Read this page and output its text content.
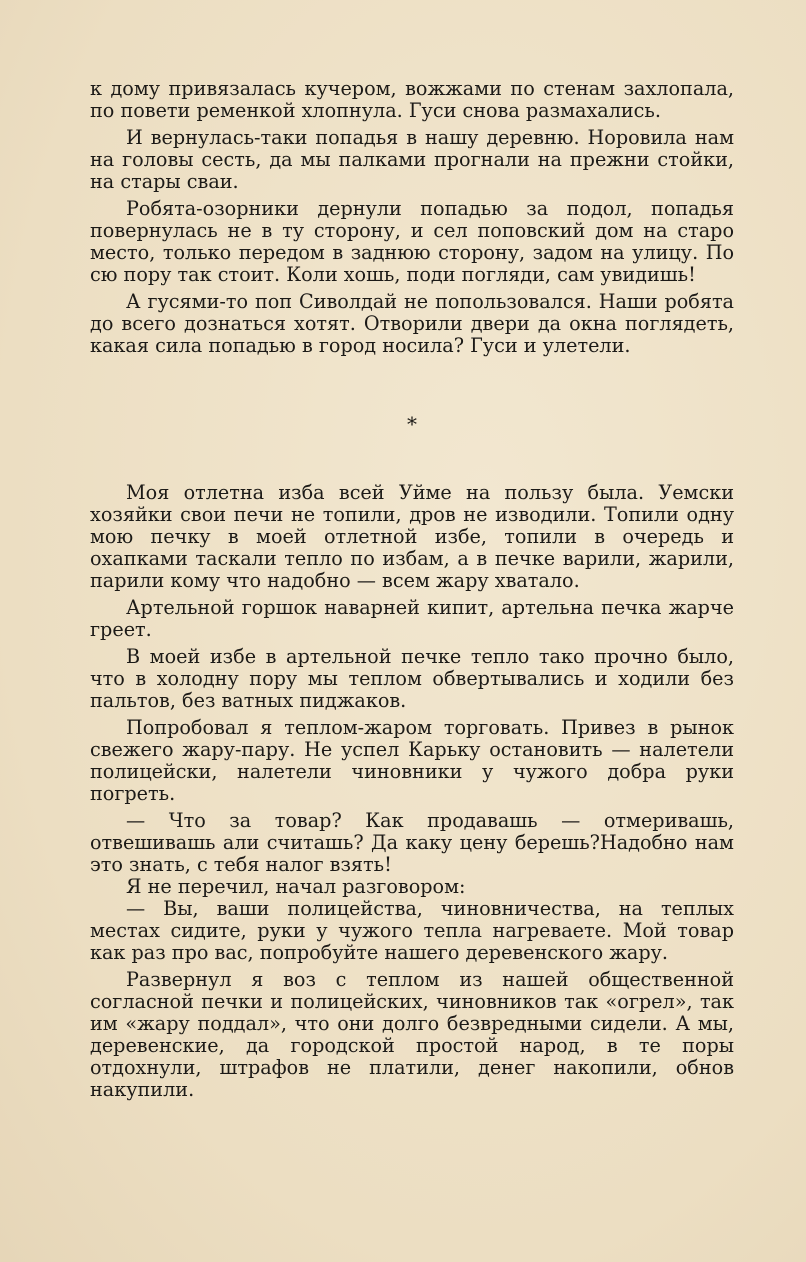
к дому привязалась кучером, вожжами по стенам захлопала, по повети ременкой хлопнула. Гуси снова размахались.

И вернулась-таки попадья в нашу деревню. Норовила нам на головы сесть, да мы палками прогнали на прежни стойки, на стары сваи.

Робята-озорники дернули попадью за подол, попадья повернулась не в ту сторону, и сел поповский дом на старо место, только передом в заднюю сторону, задом на улицу. По сю пору так стоит. Коли хошь, поди погляди, сам увидишь!

А гусями-то поп Сиволдай не попользовался. Наши робята до всего дознаться хотят. Отворили двери да окна поглядеть, какая сила попадью в город носила? Гуси и улетели.

*

Моя отлетна изба всей Уйме на пользу была. Уемски хозяйки свои печи не топили, дров не изводили. Топили одну мою печку в моей отлетной избе, топили в очередь и охапками таскали тепло по избам, а в печке варили, жарили, парили кому что надобно — всем жару хватало.

Артельной горшок наварней кипит, артельна печка жарче греет.

В моей избе в артельной печке тепло тако прочно было, что в холодну пору мы теплом обвертывались и ходили без пальтов, без ватных пиджаков.

Попробовал я теплом-жаром торговать. Привез в рынок свежего жару-пару. Не успел Карьку остановить — налетели полицейски, налетели чиновники у чужого добра руки погреть.

— Что за товар? Как продавашь — отмеривашь, отвешивашь али считашь? Да каку цену берешь?Надобно нам это знать, с тебя налог взять!

Я не перечил, начал разговором:

— Вы, ваши полицейства, чиновничества, на теплых местах сидите, руки у чужого тепла нагреваете. Мой товар как раз про вас, попробуйте нашего деревенского жару.

Развернул я воз с теплом из нашей общественной согласной печки и полицейских, чиновников так «огрел», так им «жару поддал», что они долго безвредными сидели. А мы, деревенские, да городской простой народ, в те поры отдохнули, штрафов не платили, денег накопили, обнов накупили.
